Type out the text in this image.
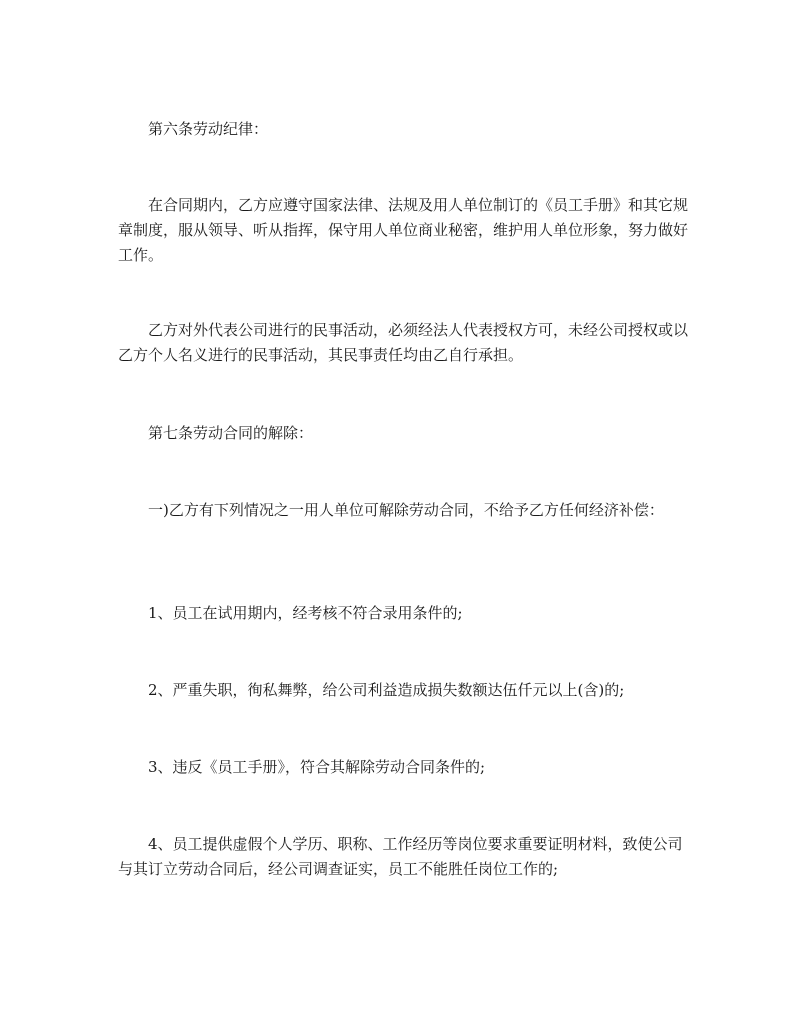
第六条劳动纪律：

在合同期内，乙方应遵守国家法律、法规及用人单位制订的《员工手册》和其它规章制度，服从领导、听从指挥，保守用人单位商业秘密，维护用人单位形象，努力做好工作。

乙方对外代表公司进行的民事活动，必须经法人代表授权方可，未经公司授权或以乙方个人名义进行的民事活动，其民事责任均由乙自行承担。

第七条劳动合同的解除：

一)乙方有下列情况之一用人单位可解除劳动合同，不给予乙方任何经济补偿：

1、员工在试用期内，经考核不符合录用条件的;

2、严重失职，徇私舞弊，给公司利益造成损失数额达伍仟元以上(含)的;

3、违反《员工手册》，符合其解除劳动合同条件的;

4、员工提供虚假个人学历、职称、工作经历等岗位要求重要证明材料，致使公司与其订立劳动合同后，经公司调查证实，员工不能胜任岗位工作的;
